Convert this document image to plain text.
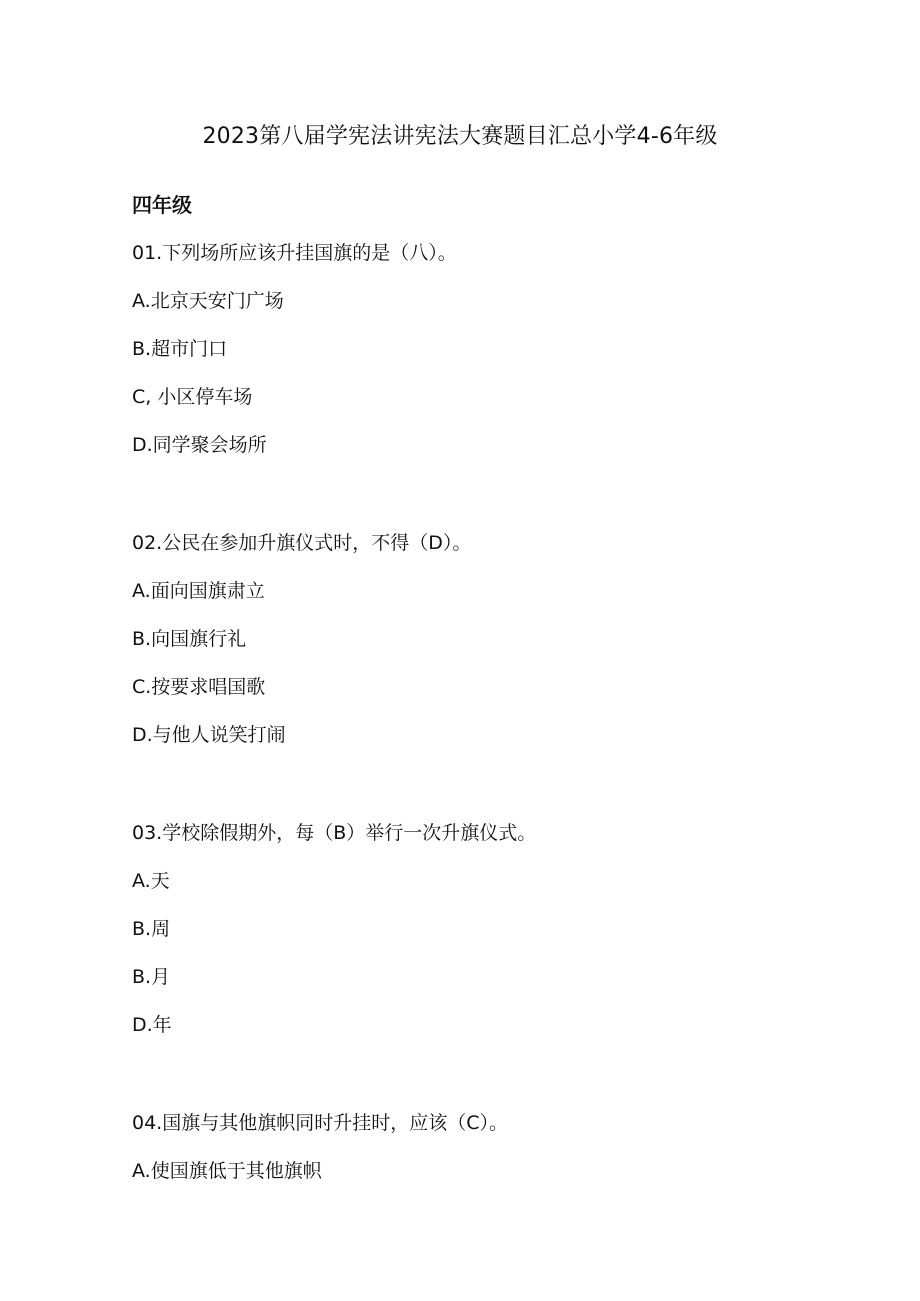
2023第八届学宪法讲宪法大赛题目汇总小学4-6年级
四年级
01.下列场所应该升挂国旗的是（八）。
A.北京天安门广场
B.超市门口
C, 小区停车场
D.同学聚会场所
02.公民在参加升旗仪式时，不得（D）。
A.面向国旗肃立
B.向国旗行礼
C.按要求唱国歌
D.与他人说笑打闹
03.学校除假期外，每（B）举行一次升旗仪式。
A.天
B.周
B.月
D.年
04.国旗与其他旗帜同时升挂时，应该（C）。
A.使国旗低于其他旗帜
